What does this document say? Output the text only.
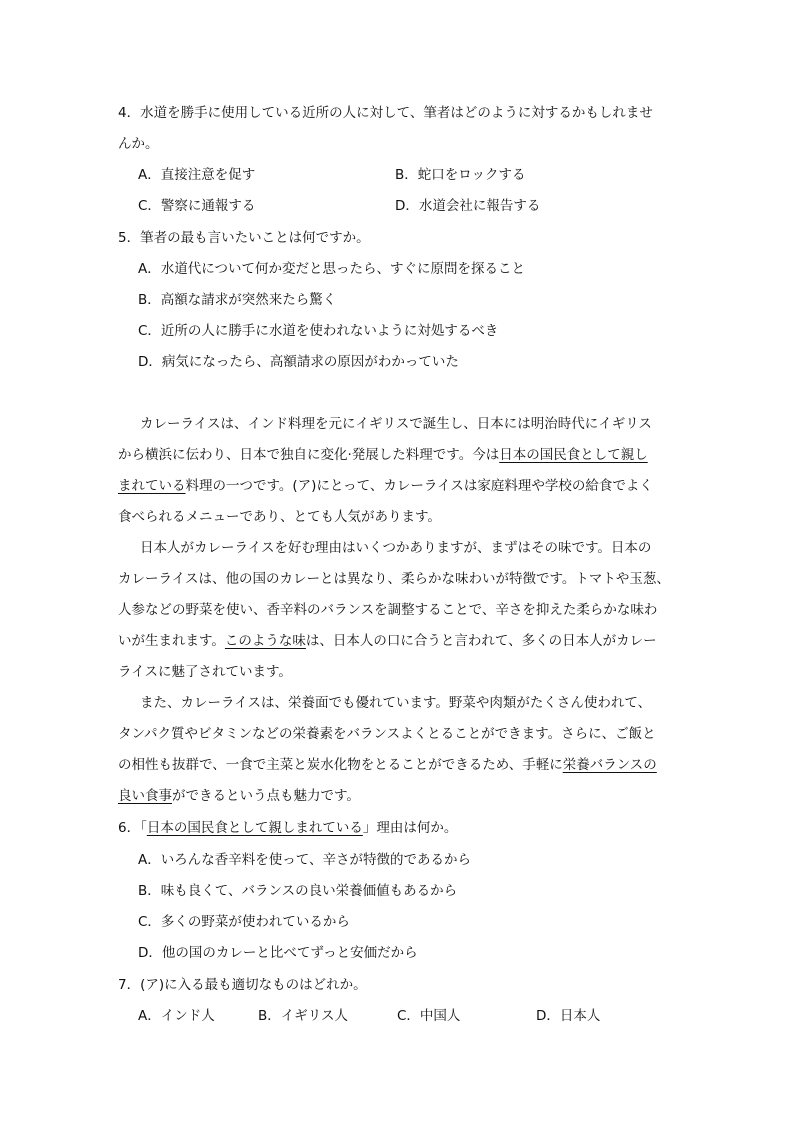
4．水道を勝手に使用している近所の人に対して、筆者はどのように対するかもしれませ
んか。
A．直接注意を促す	B．蛇口をロックする
C．警察に通報する	D．水道会社に報告する
5．筆者の最も言いたいことは何ですか。
A．水道代について何か変だと思ったら、すぐに原問を探ること
B．高額な請求が突然来たら驚く
C．近所の人に勝手に水道を使われないように対処するべき
D．病気になったら、高額請求の原因がわかっていた
カレーライスは、インド料理を元にイギリスで誕生し、日本には明治時代にイギリス
から横浜に伝わり、日本で独自に変化·発展した料理です。今は日本の国民食として親し
まれている料理の一つです。(ア)にとって、カレーライスは家庭料理や学校の給食でよく
食べられるメニューであり、とても人気があります。
日本人がカレーライスを好む理由はいくつかありますが、まずはその味です。日本の
カレーライスは、他の国のカレーとは異なり、柔らかな味わいが特徴です。トマトや玉葱、
人参などの野菜を使い、香辛料のバランスを調整することで、辛さを抑えた柔らかな味わ
いが生まれます。このような味は、日本人の口に合うと言われて、多くの日本人がカレー
ライスに魅了されています。
また、カレーライスは、栄養面でも優れています。野菜や肉類がたくさん使われて、
タンパク質やビタミンなどの栄養素をバランスよくとることができます。さらに、ご飯と
の相性も抜群で、一食で主菜と炭水化物をとることができるため、手軽に栄養バランスの
良い食事ができるという点も魅力です。
6．「日本の国民食として親しまれている」理由は何か。
A．いろんな香辛料を使って、辛さが特徴的であるから
B．味も良くて、バランスの良い栄養価値もあるから
C．多くの野菜が使われているから
D．他の国のカレーと比べてずっと安価だから
7．(ア)に入る最も適切なものはどれか。
A．インド人	B．イギリス人	C．中国人	D．日本人
